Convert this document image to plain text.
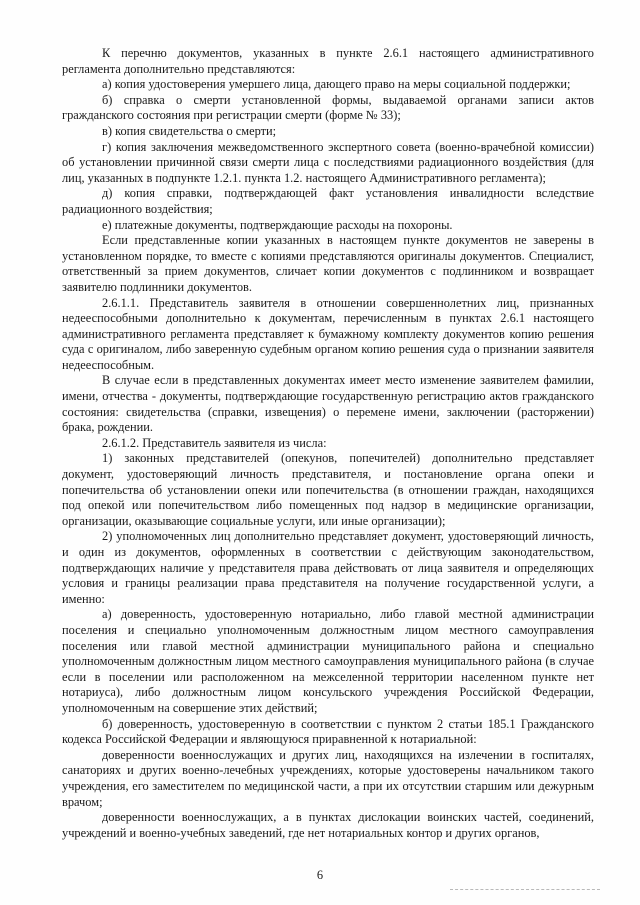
К перечню документов, указанных в пункте 2.6.1 настоящего административного регламента дополнительно представляются:

а) копия удостоверения умершего лица, дающего право на меры социальной поддержки;

б) справка о смерти установленной формы, выдаваемой органами записи актов гражданского состояния при регистрации смерти (форме № 33);

в) копия свидетельства о смерти;

г) копия заключения межведомственного экспертного совета (военно-врачебной комиссии) об установлении причинной связи смерти лица с последствиями радиационного воздействия (для лиц, указанных в подпункте 1.2.1. пункта 1.2. настоящего Административного регламента);

д) копия справки, подтверждающей факт установления инвалидности вследствие радиационного воздействия;

е) платежные документы, подтверждающие расходы на похороны.

Если представленные копии указанных в настоящем пункте документов не заверены в установленном порядке, то вместе с копиями представляются оригиналы документов. Специалист, ответственный за прием документов, сличает копии документов с подлинником и возвращает заявителю подлинники документов.

2.6.1.1. Представитель заявителя в отношении совершеннолетних лиц, признанных недееспособными дополнительно к документам, перечисленным в пунктах 2.6.1 настоящего административного регламента представляет к бумажному комплекту документов копию решения суда с оригиналом, либо заверенную судебным органом копию решения суда о признании заявителя недееспособным.

В случае если в представленных документах имеет место изменение заявителем фамилии, имени, отчества - документы, подтверждающие государственную регистрацию актов гражданского состояния: свидетельства (справки, извещения) о перемене имени, заключении (расторжении) брака, рождении.

2.6.1.2. Представитель заявителя из числа:

1) законных представителей (опекунов, попечителей) дополнительно представляет документ, удостоверяющий личность представителя, и постановление органа опеки и попечительства об установлении опеки или попечительства (в отношении граждан, находящихся под опекой или попечительством либо помещенных под надзор в медицинские организации, организации, оказывающие социальные услуги, или иные организации);

2) уполномоченных лиц дополнительно представляет документ, удостоверяющий личность, и один из документов, оформленных в соответствии с действующим законодательством, подтверждающих наличие у представителя права действовать от лица заявителя и определяющих условия и границы реализации права представителя на получение государственной услуги, а именно:

а) доверенность, удостоверенную нотариально, либо главой местной администрации поселения и специально уполномоченным должностным лицом местного самоуправления поселения или главой местной администрации муниципального района и специально уполномоченным должностным лицом местного самоуправления муниципального района (в случае если в поселении или расположенном на межселенной территории населенном пункте нет нотариуса), либо должностным лицом консульского учреждения Российской Федерации, уполномоченным на совершение этих действий;

б) доверенность, удостоверенную в соответствии с пунктом 2 статьи 185.1 Гражданского кодекса Российской Федерации и являющуюся приравненной к нотариальной:

доверенности военнослужащих и других лиц, находящихся на излечении в госпиталях, санаториях и других военно-лечебных учреждениях, которые удостоверены начальником такого учреждения, его заместителем по медицинской части, а при их отсутствии старшим или дежурным врачом;

доверенности военнослужащих, а в пунктах дислокации воинских частей, соединений, учреждений и военно-учебных заведений, где нет нотариальных контор и других органов,

6
